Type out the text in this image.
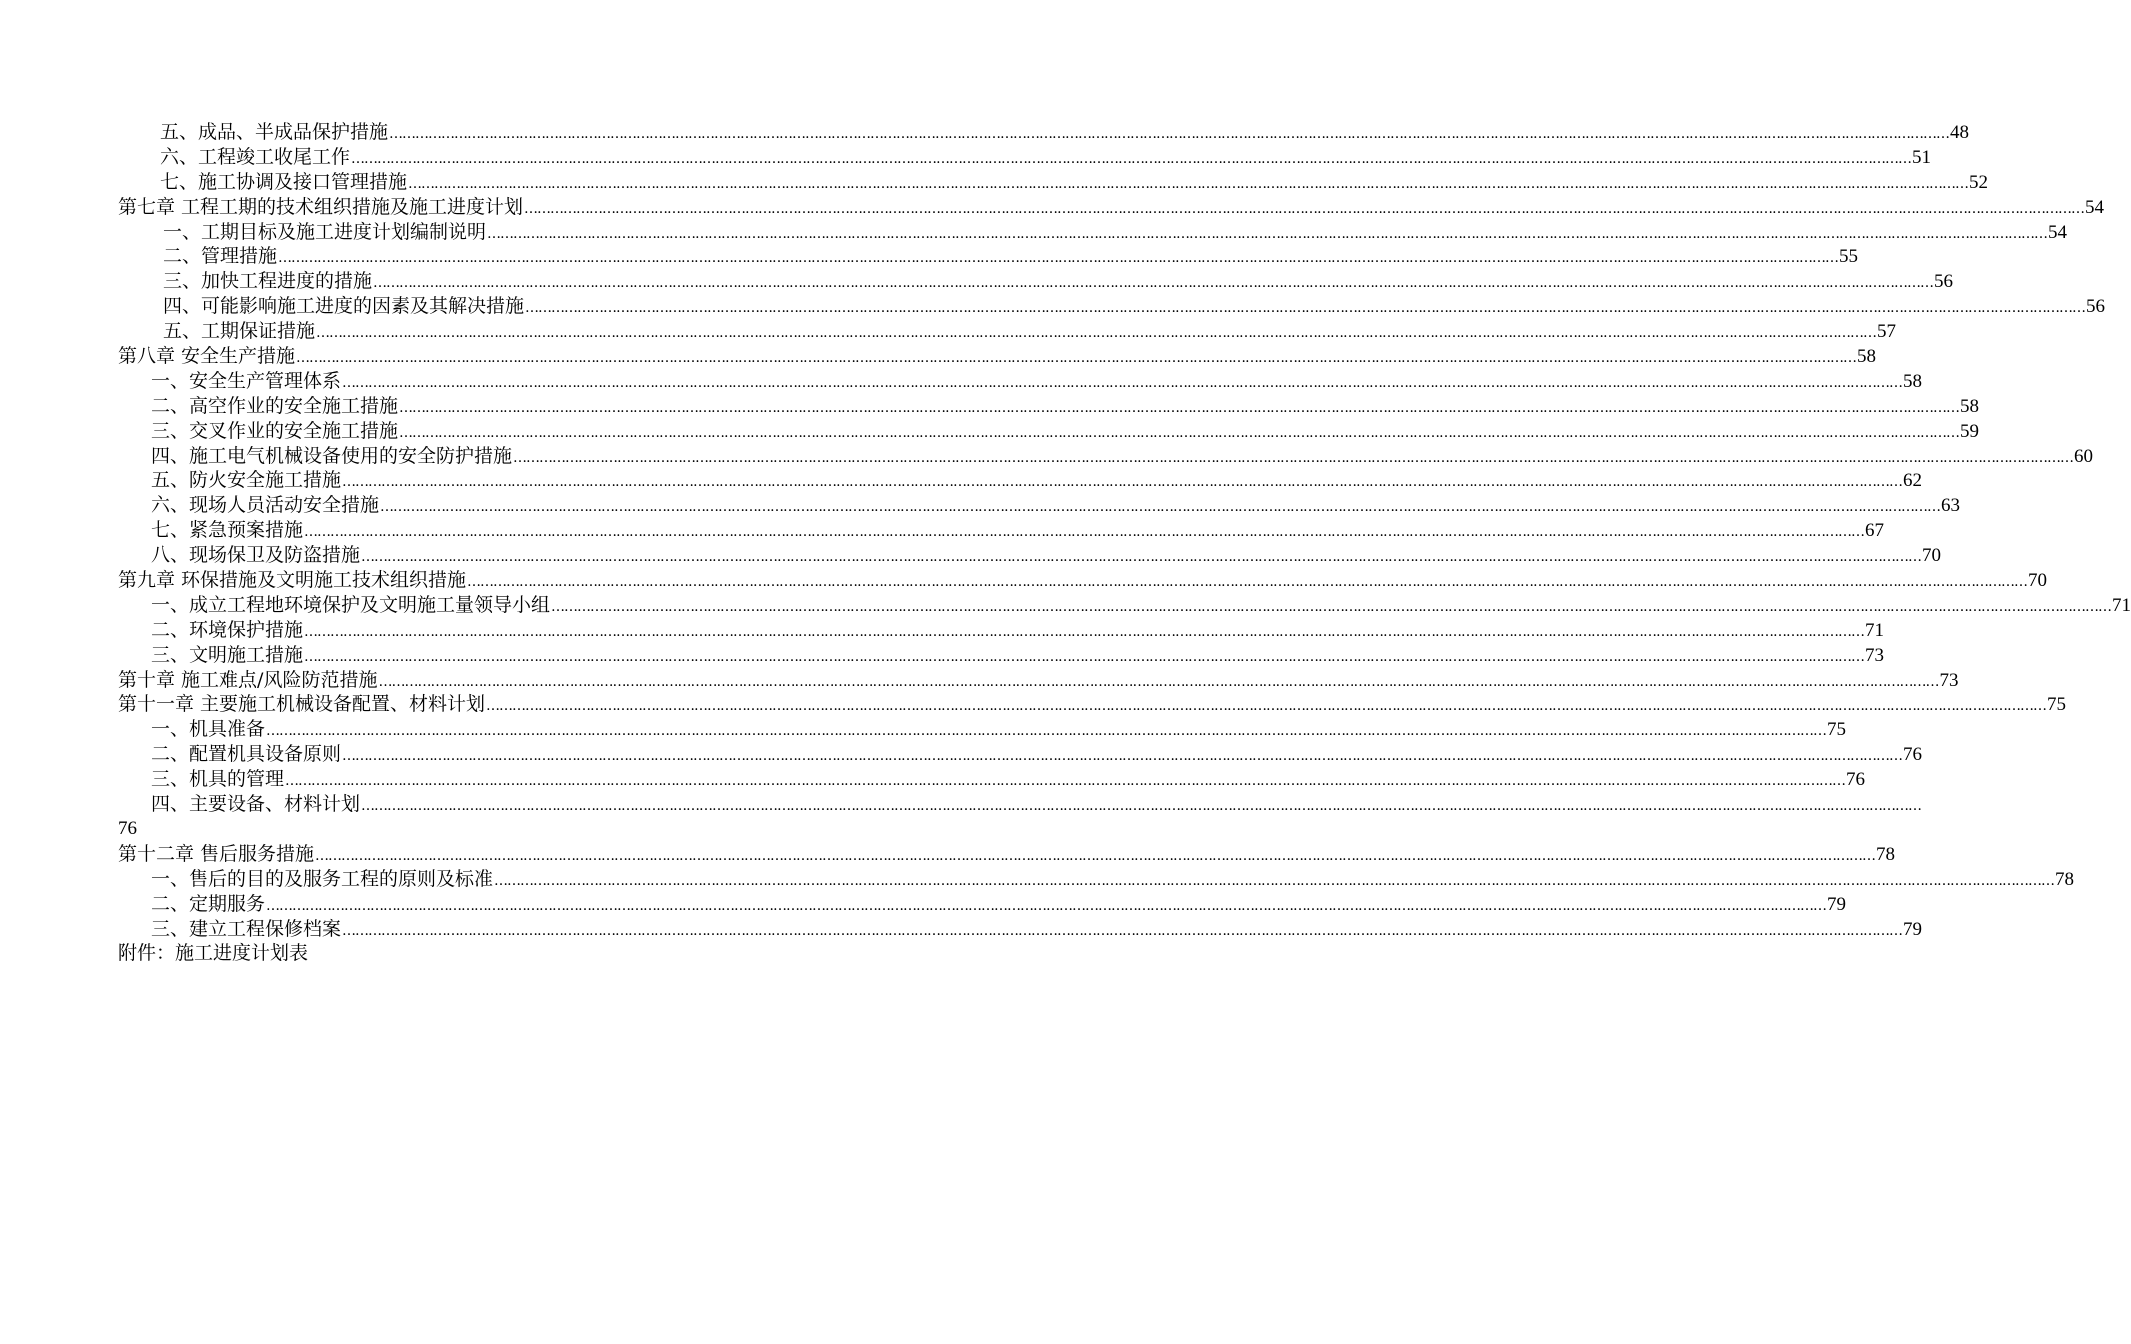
五、成品、半成品保护措施 ……………………………………………………………………………………………………………………………………………………………………………………………………………………………………………………………………………………………………………………………… 48
六、工程竣工收尾工作 ……………………………………………………………………………………………………………………………………………………………………………………………………………………………………………………………………………………………………………………………… 51
七、施工协调及接口管理措施 ……………………………………………………………………………………………………………………………………………………………………………………………………………………………………………………………………………………………………………………………… 52
第七章 工程工期的技术组织措施及施工进度计划 ……………………………………………………………………………………………………………………………………………………………………………………………………………………………………………………………………………………………………………………………… 54
一、工期目标及施工进度计划编制说明 ……………………………………………………………………………………………………………………………………………………………………………………………………………………………………………………………………………………………………………………………… 54
二、管理措施 ……………………………………………………………………………………………………………………………………………………………………………………………………………………………………………………………………………………………………………………………… 55
三、加快工程进度的措施 ……………………………………………………………………………………………………………………………………………………………………………………………………………………………………………………………………………………………………………………………… 56
四、可能影响施工进度的因素及其解决措施 ……………………………………………………………………………………………………………………………………………………………………………………………………………………………………………………………………………………………………………………………… 56
五、工期保证措施 ……………………………………………………………………………………………………………………………………………………………………………………………………………………………………………………………………………………………………………………………… 57
第八章 安全生产措施 ……………………………………………………………………………………………………………………………………………………………………………………………………………………………………………………………………………………………………………………………… 58
一、安全生产管理体系 ……………………………………………………………………………………………………………………………………………………………………………………………………………………………………………………………………………………………………………………………… 58
二、高空作业的安全施工措施 ……………………………………………………………………………………………………………………………………………………………………………………………………………………………………………………………………………………………………………………………… 58
三、交叉作业的安全施工措施 ……………………………………………………………………………………………………………………………………………………………………………………………………………………………………………………………………………………………………………………………… 59
四、施工电气机械设备使用的安全防护措施 ……………………………………………………………………………………………………………………………………………………………………………………………………………………………………………………………………………………………………………………………… 60
五、防火安全施工措施 ……………………………………………………………………………………………………………………………………………………………………………………………………………………………………………………………………………………………………………………………… 62
六、现场人员活动安全措施 ……………………………………………………………………………………………………………………………………………………………………………………………………………………………………………………………………………………………………………………………… 63
七、紧急预案措施 ……………………………………………………………………………………………………………………………………………………………………………………………………………………………………………………………………………………………………………………………… 67
八、现场保卫及防盗措施 ……………………………………………………………………………………………………………………………………………………………………………………………………………………………………………………………………………………………………………………………… 70
第九章 环保措施及文明施工技术组织措施 ……………………………………………………………………………………………………………………………………………………………………………………………………………………………………………………………………………………………………………………………… 70
一、成立工程地环境保护及文明施工量领导小组 ……………………………………………………………………………………………………………………………………………………………………………………………………………………………………………………………………………………………………………………………… 71
二、环境保护措施 ……………………………………………………………………………………………………………………………………………………………………………………………………………………………………………………………………………………………………………………………… 71
三、文明施工措施 ……………………………………………………………………………………………………………………………………………………………………………………………………………………………………………………………………………………………………………………………… 73
第十章 施工难点/风险防范措施 ……………………………………………………………………………………………………………………………………………………………………………………………………………………………………………………………………………………………………………………………… 73
第十一章 主要施工机械设备配置、材料计划 ……………………………………………………………………………………………………………………………………………………………………………………………………………………………………………………………………………………………………………………………… 75
一、机具准备 ……………………………………………………………………………………………………………………………………………………………………………………………………………………………………………………………………………………………………………………………… 75
二、配置机具设备原则 ……………………………………………………………………………………………………………………………………………………………………………………………………………………………………………………………………………………………………………………………… 76
三、机具的管理 ……………………………………………………………………………………………………………………………………………………………………………………………………………………………………………………………………………………………………………………………… 76
四、主要设备、材料计划 ………………………………………………………………………………………………………………………………………………………………………………………………………………………………………………………………………………………………………………………………
76
第十二章 售后服务措施 ……………………………………………………………………………………………………………………………………………………………………………………………………………………………………………………………………………………………………………………………… 78
一、售后的目的及服务工程的原则及标准 ……………………………………………………………………………………………………………………………………………………………………………………………………………………………………………………………………………………………………………………………… 78
二、定期服务 ……………………………………………………………………………………………………………………………………………………………………………………………………………………………………………………………………………………………………………………………… 79
三、建立工程保修档案 ……………………………………………………………………………………………………………………………………………………………………………………………………………………………………………………………………………………………………………………………… 79
附件：施工进度计划表
